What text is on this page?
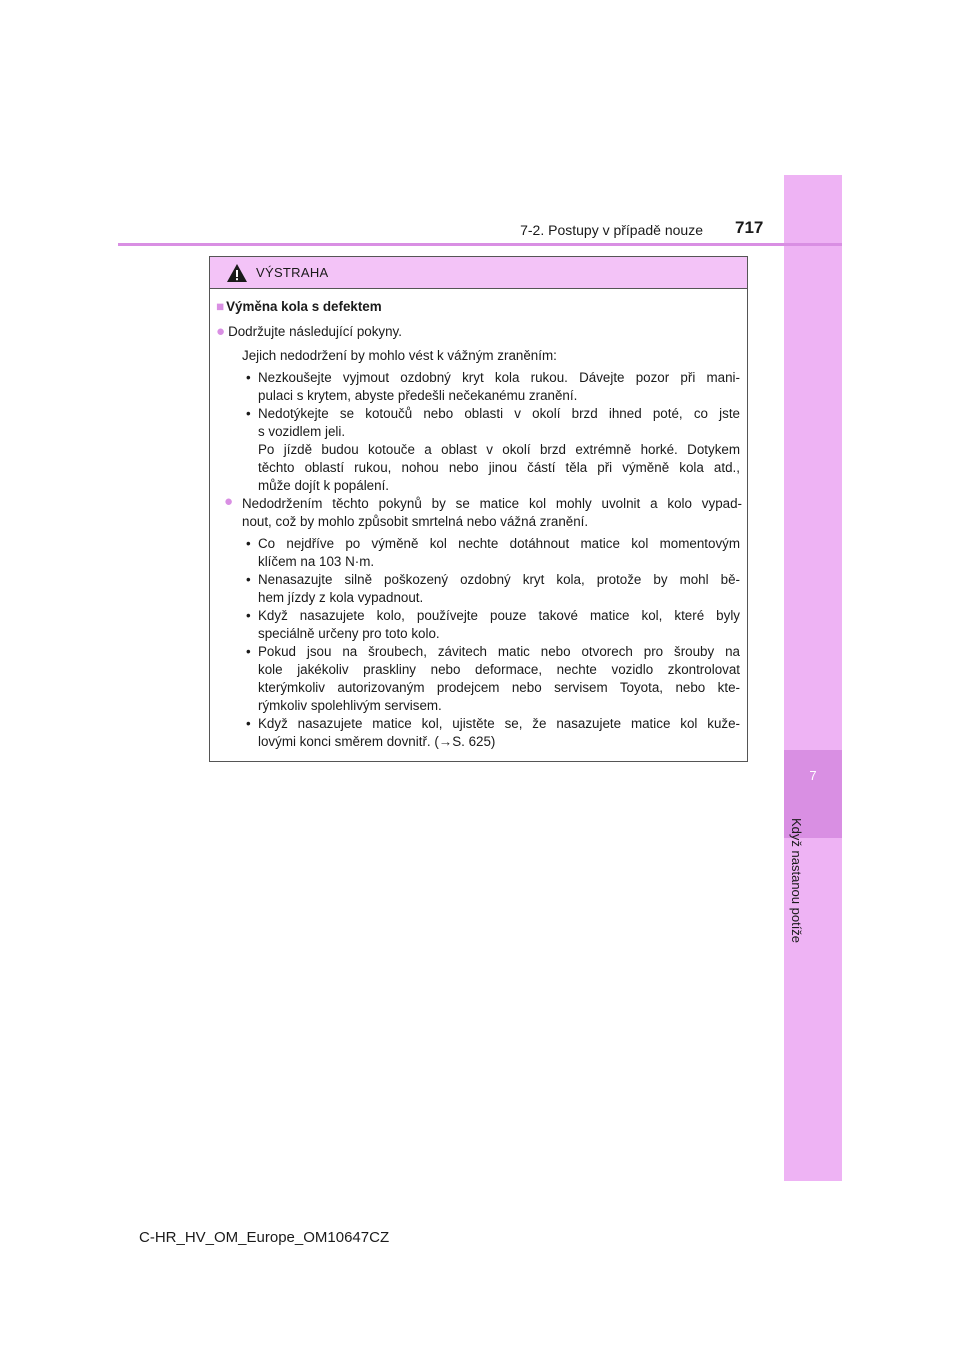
7
Když nastanou potíže
7-2. Postupy v případě nouze 717
VÝSTRAHA
■ Výměna kola s defektem
● Dodržujte následující pokyny.
Jejich nedodržení by mohlo vést k vážným zraněním:
• Nezkoušejte vyjmout ozdobný kryt kola rukou. Dávejte pozor při mani-
pulaci s krytem, abyste předešli nečekanému zranění.
• Nedotýkejte se kotoučů nebo oblasti v okolí brzd ihned poté, co jste
s vozidlem jeli.
Po jízdě budou kotouče a oblast v okolí brzd extrémně horké. Dotykem
těchto oblastí rukou, nohou nebo jinou částí těla při výměně kola atd.,
může dojít k popálení.
● Nedodržením těchto pokynů by se matice kol mohly uvolnit a kolo vypad-
nout, což by mohlo způsobit smrtelná nebo vážná zranění.
• Co nejdříve po výměně kol nechte dotáhnout matice kol momentovým
klíčem na 103 N·m.
• Nenasazujte silně poškozený ozdobný kryt kola, protože by mohl bě-
hem jízdy z kola vypadnout.
• Když nasazujete kolo, používejte pouze takové matice kol, které byly
speciálně určeny pro toto kolo.
• Pokud jsou na šroubech, závitech matic nebo otvorech pro šrouby na
kole jakékoliv praskliny nebo deformace, nechte vozidlo zkontrolovat
kterýmkoliv autorizovaným prodejcem nebo servisem Toyota, nebo kte-
rýmkoliv spolehlivým servisem.
• Když nasazujete matice kol, ujistěte se, že nasazujete matice kol kuže-
lovými konci směrem dovnitř. (→S. 625)
C-HR_HV_OM_Europe_OM10647CZ
